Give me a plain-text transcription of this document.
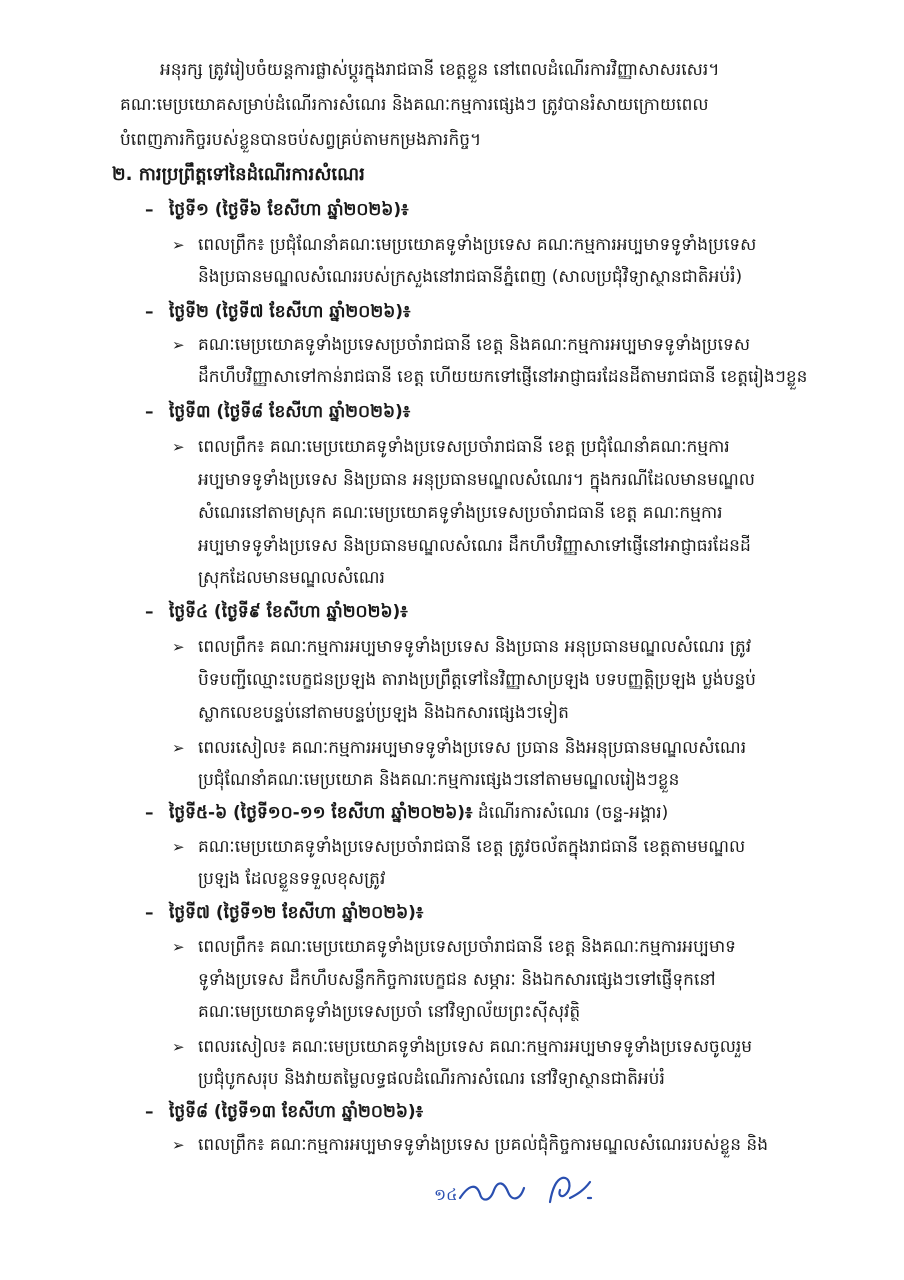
អនុរក្ស ត្រូវរៀបចំយន្តការផ្លាស់ប្តូរក្នុងរាជធានី ខេត្តខ្លួន នៅពេលដំណើរការវិញ្ញាសាសរសេរ។
គណៈមេប្រយោគសម្រាប់ដំណើរការសំណេរ និងគណៈកម្មការផ្សេងៗ ត្រូវបានរំសាយក្រោយពេល
បំពេញភារកិច្ចរបស់ខ្លួនបានចប់សព្វគ្រប់តាមកម្រងភារកិច្ច។
២. ការប្រព្រឹត្តទៅនៃដំណើរការសំណេរ
– ថ្ងៃទី១ (ថ្ងៃទី៦ ខែសីហា ឆ្នាំ២០២៦)៖
➢ ពេលព្រឹក៖ ប្រជុំណែនាំគណៈមេប្រយោគទូទាំងប្រទេស គណៈកម្មការអប្បមាទទូទាំងប្រទេស
និងប្រធានមណ្ឌលសំណេររបស់ក្រសួងនៅរាជធានីភ្នំពេញ (សាលប្រជុំវិទ្យាស្ថានជាតិអប់រំ)
– ថ្ងៃទី២ (ថ្ងៃទី៧ ខែសីហា ឆ្នាំ២០២៦)៖
➢ គណៈមេប្រយោគទូទាំងប្រទេសប្រចាំរាជធានី ខេត្ត និងគណៈកម្មការអប្បមាទទូទាំងប្រទេស
ដឹកហឹបវិញ្ញាសាទៅកាន់រាជធានី ខេត្ត ហើយយកទៅផ្ញើនៅអាជ្ញាធរដែនដីតាមរាជធានី ខេត្តរៀងៗខ្លួន
– ថ្ងៃទី៣ (ថ្ងៃទី៨ ខែសីហា ឆ្នាំ២០២៦)៖
➢ ពេលព្រឹក៖ គណៈមេប្រយោគទូទាំងប្រទេសប្រចាំរាជធានី ខេត្ត ប្រជុំណែនាំគណៈកម្មការ
អប្បមាទទូទាំងប្រទេស និងប្រធាន អនុប្រធានមណ្ឌលសំណេរ។ ក្នុងករណីដែលមានមណ្ឌល
សំណេរនៅតាមស្រុក គណៈមេប្រយោគទូទាំងប្រទេសប្រចាំរាជធានី ខេត្ត គណៈកម្មការ
អប្បមាទទូទាំងប្រទេស និងប្រធានមណ្ឌលសំណេរ ដឹកហឹបវិញ្ញាសាទៅផ្ញើនៅអាជ្ញាធរដែនដី
ស្រុកដែលមានមណ្ឌលសំណេរ
– ថ្ងៃទី៤ (ថ្ងៃទី៩ ខែសីហា ឆ្នាំ២០២៦)៖
➢ ពេលព្រឹក៖ គណៈកម្មការអប្បមាទទូទាំងប្រទេស និងប្រធាន អនុប្រធានមណ្ឌលសំណេរ ត្រូវ
បិទបញ្ជីឈ្មោះបេក្ខជនប្រឡង តារាងប្រព្រឹត្តទៅនៃវិញ្ញាសាប្រឡង បទបញ្ញត្តិប្រឡង ប្លង់បន្ទប់
ស្លាកលេខបន្ទប់នៅតាមបន្ទប់ប្រឡង និងឯកសារផ្សេងៗទៀត
➢ ពេលរសៀល៖ គណៈកម្មការអប្បមាទទូទាំងប្រទេស ប្រធាន និងអនុប្រធានមណ្ឌលសំណេរ
ប្រជុំណែនាំគណៈមេប្រយោគ និងគណៈកម្មការផ្សេងៗនៅតាមមណ្ឌលរៀងៗខ្លួន
– ថ្ងៃទី៥-៦ (ថ្ងៃទី១០-១១ ខែសីហា ឆ្នាំ២០២៦)៖ ដំណើរការសំណេរ (ចន្ទ-អង្គារ)
➢ គណៈមេប្រយោគទូទាំងប្រទេសប្រចាំរាជធានី ខេត្ត ត្រូវចល័តក្នុងរាជធានី ខេត្តតាមមណ្ឌល
ប្រឡង ដែលខ្លួនទទួលខុសត្រូវ
– ថ្ងៃទី៧ (ថ្ងៃទី១២ ខែសីហា ឆ្នាំ២០២៦)៖
➢ ពេលព្រឹក៖ គណៈមេប្រយោគទូទាំងប្រទេសប្រចាំរាជធានី ខេត្ត និងគណៈកម្មការអប្បមាទ
ទូទាំងប្រទេស ដឹកហឹបសន្លឹកកិច្ចការបេក្ខជន សម្ភារៈ និងឯកសារផ្សេងៗទៅផ្ញើទុកនៅ
គណៈមេប្រយោគទូទាំងប្រទេសប្រចាំ នៅវិទ្យាល័យព្រះស៊ីសុវត្ថិ
➢ ពេលរសៀល៖ គណៈមេប្រយោគទូទាំងប្រទេស គណៈកម្មការអប្បមាទទូទាំងប្រទេសចូលរួម
ប្រជុំបូកសរុប និងវាយតម្លៃលទ្ធផលដំណើរការសំណេរ នៅវិទ្យាស្ថានជាតិអប់រំ
– ថ្ងៃទី៨ (ថ្ងៃទី១៣ ខែសីហា ឆ្នាំ២០២៦)៖
➢ ពេលព្រឹក៖ គណៈកម្មការអប្បមាទទូទាំងប្រទេស ប្រគល់ជុំកិច្ចការមណ្ឌលសំណេររបស់ខ្លួន និង
១៤
